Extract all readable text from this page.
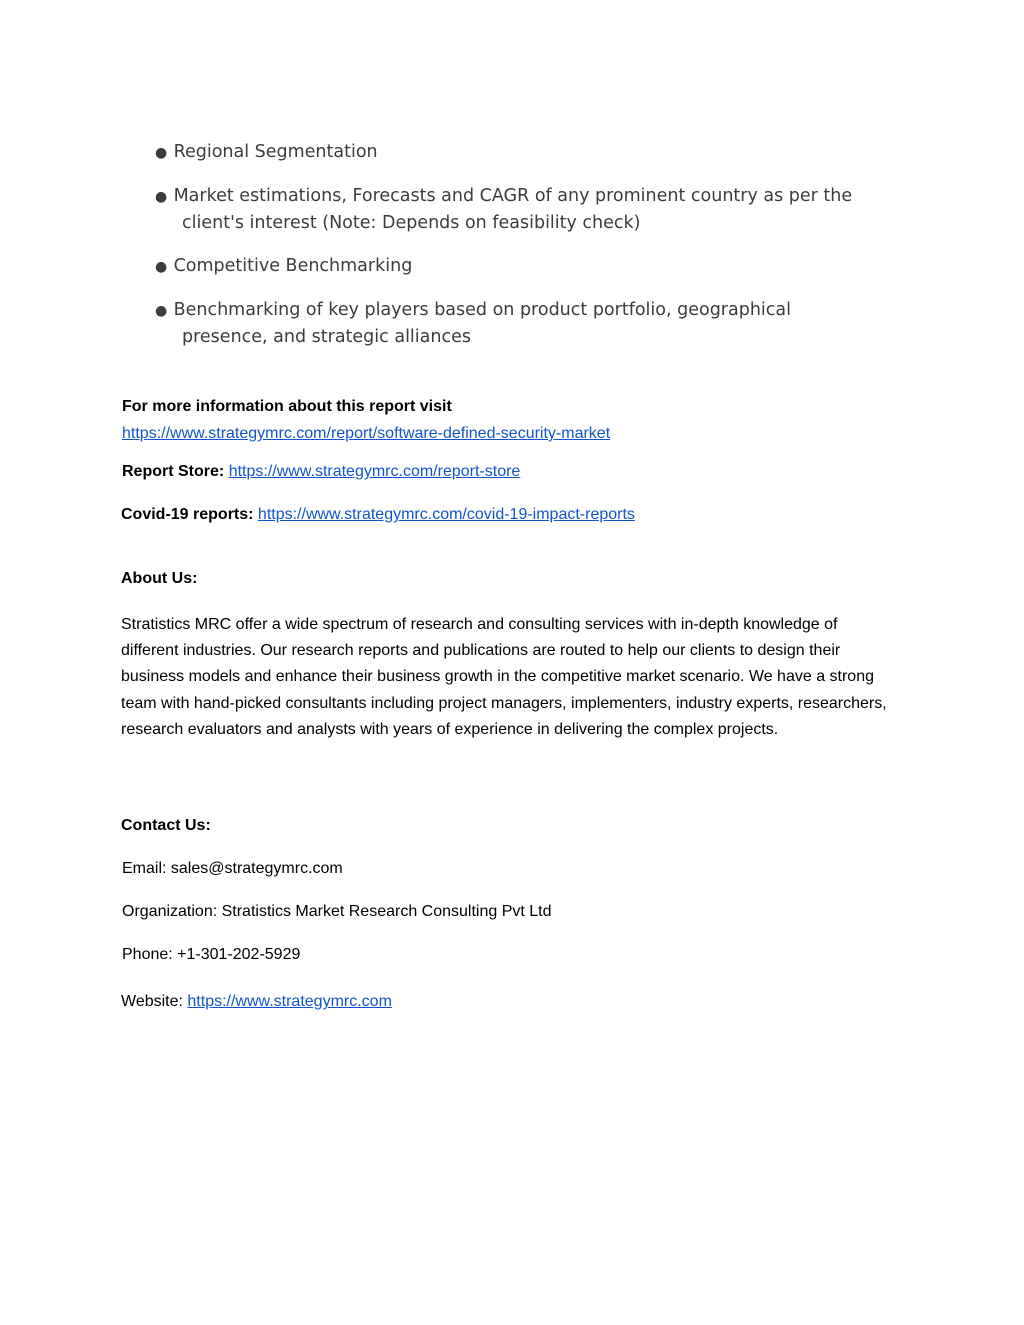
● Regional Segmentation
● Market estimations, Forecasts and CAGR of any prominent country as per the client's interest (Note: Depends on feasibility check)
● Competitive Benchmarking
● Benchmarking of key players based on product portfolio, geographical presence, and strategic alliances
For more information about this report visit
https://www.strategymrc.com/report/software-defined-security-market
Report Store: https://www.strategymrc.com/report-store
Covid-19 reports: https://www.strategymrc.com/covid-19-impact-reports
About Us:
Stratistics MRC offer a wide spectrum of research and consulting services with in-depth knowledge of different industries. Our research reports and publications are routed to help our clients to design their business models and enhance their business growth in the competitive market scenario. We have a strong team with hand-picked consultants including project managers, implementers, industry experts, researchers, research evaluators and analysts with years of experience in delivering the complex projects.
Contact Us:
Email: sales@strategymrc.com
Organization: Stratistics Market Research Consulting Pvt Ltd
Phone: +1-301-202-5929
Website: https://www.strategymrc.com
